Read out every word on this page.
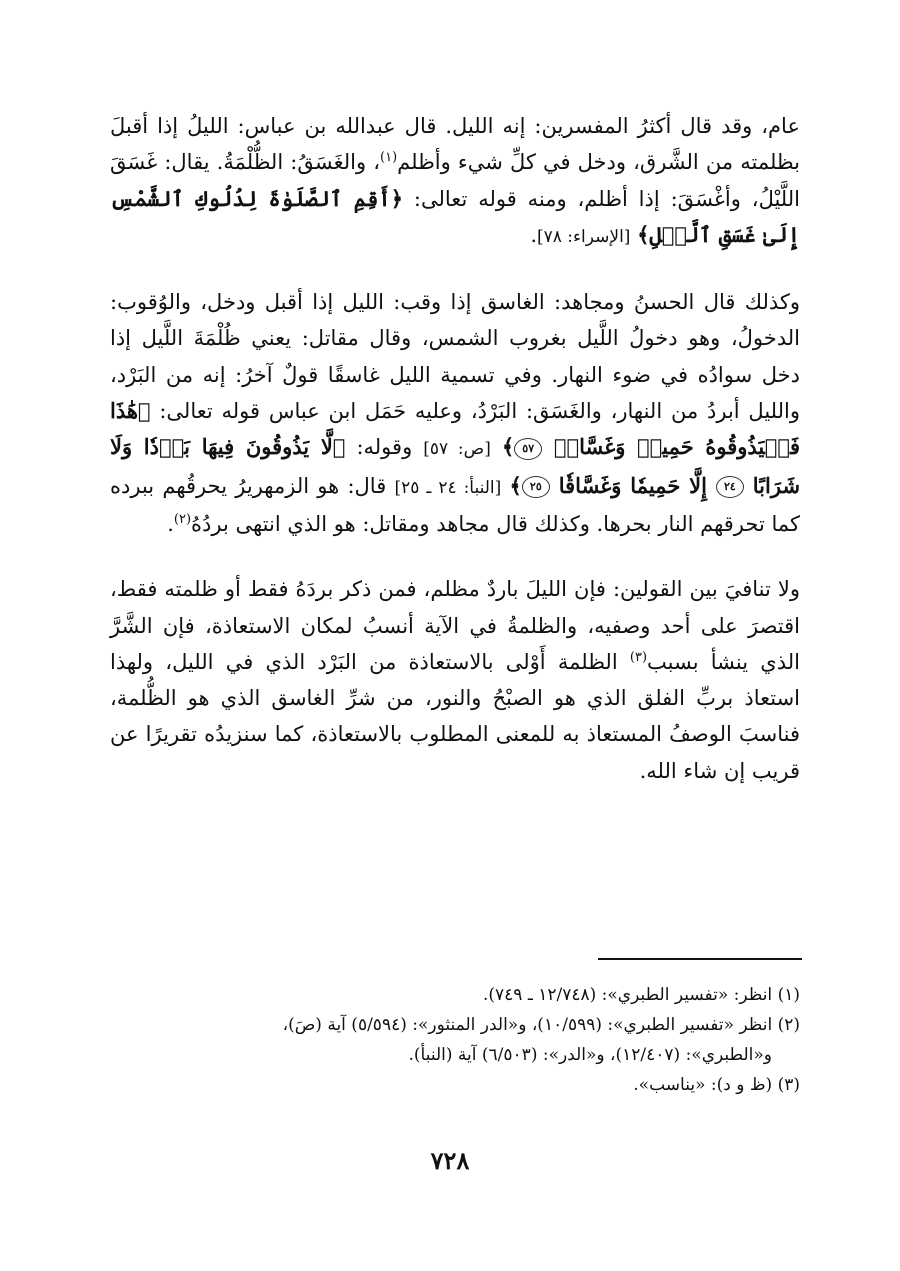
عام، وقد قال أكثرُ المفسرين: إنه الليل. قال عبدالله بن عباس: الليلُ إذا أقبلَ بظلمته من الشَّرق، ودخل في كلِّ شيء وأظلم$^{(١)}$، والغَسَقُ: الظُّلْمَةُ. يقال: غَسَقَ اللَّيْلُ، وأغْسَقَ: إذا أظلم، ومنه قوله تعالى: ﴿أَقِمِ ٱلصَّلَوٰةَ لِدُلُوكِ ٱلشَّمْسِ إِلَىٰ غَسَقِ ٱلَّيۡلِ﴾ [الإسراء: ٧٨].

وكذلك قال الحسنُ ومجاهد: الغاسق إذا وقب: الليل إذا أقبل ودخل، والوُقوب: الدخولُ، وهو دخولُ اللَّيل بغروب الشمس، وقال مقاتل: يعني ظُلْمَةَ اللَّيل إذا دخل سوادُه في ضوء النهار. وفي تسمية الليل غاسقًا قولٌ آخرُ: إنه من البَرْد، والليل أبردُ من النهار، والغَسَق: البَرْدُ، وعليه حَمَل ابن عباس قوله تعالى: ﴿هَٰذَا فَلۡيَذُوقُوهُ حَمِيمٞ وَغَسَّاقٞ ٥٧﴾ [ص: ٥٧] وقوله: ﴿لَّا يَذُوقُونَ فِيهَا بَرۡدٗا وَلَا شَرَابًا ٢٤ إِلَّا حَمِيمٗا وَغَسَّاقٗا ٢٥﴾ [النبأ: ٢٤ ـ ٢٥] قال: هو الزمهريرُ يحرقُهم ببرده كما تحرقهم النار بحرها. وكذلك قال مجاهد ومقاتل: هو الذي انتهى بردُهُ$^{(٢)}$.

ولا تنافيَ بين القولين: فإن الليلَ باردٌ مظلم، فمن ذكر بردَهُ فقط أو ظلمته فقط، اقتصرَ على أحد وصفيه، والظلمةُ في الآية أنسبُ لمكان الاستعاذة، فإن الشَّرَّ الذي ينشأ بسبب$^{(٣)}$ الظلمة أَوْلى بالاستعاذة من البَرْد الذي في الليل، ولهذا استعاذ بربِّ الفلق الذي هو الصبْحُ والنور، من شرِّ الغاسق الذي هو الظُّلمة، فناسبَ الوصفُ المستعاذ به للمعنى المطلوب بالاستعاذة، كما سنزيدُه تقريرًا عن قريب إن شاء الله.

(١) انظر: «تفسير الطبري»: (١٢/٧٤٨ ـ ٧٤٩).

(٢) انظر «تفسير الطبري»: (١٠/٥٩٩)، و«الدر المنثور»: (٥/٥٩٤) آية (صَ)،

و«الطبري»: (١٢/٤٠٧)، و«الدر»: (٦/٥٠٣) آية (النبأ).

(٣) (ظ و د): «يناسب».

٧٢٨
